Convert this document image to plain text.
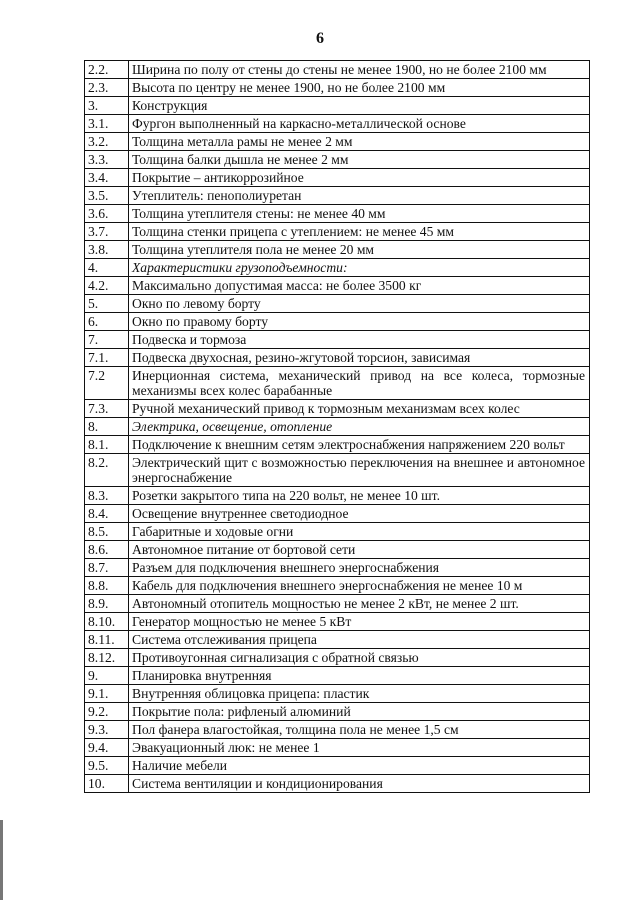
6
2.2.	Ширина по полу от стены до стены не менее 1900, но не более 2100 мм
2.3.	Высота по центру не менее 1900, но не более 2100 мм
3.	Конструкция
3.1.	Фургон выполненный на каркасно-металлической основе
3.2.	Толщина металла рамы не менее 2 мм
3.3.	Толщина балки дышла не менее 2 мм
3.4.	Покрытие – антикоррозийное
3.5.	Утеплитель: пенополиуретан
3.6.	Толщина утеплителя стены: не менее 40 мм
3.7.	Толщина стенки прицепа с утеплением: не менее 45 мм
3.8.	Толщина утеплителя пола не менее 20 мм
4.	Характеристики грузоподъемности:
4.2.	Максимально допустимая масса: не более 3500 кг
5.	Окно по левому борту
6.	Окно по правому борту
7.	Подвеска и тормоза
7.1.	Подвеска двухосная, резино-жгутовой торсион, зависимая
7.2	Инерционная система, механический привод на все колеса, тормозные механизмы всех колес барабанные
7.3.	Ручной механический привод к тормозным механизмам всех колес
8.	Электрика, освещение, отопление
8.1.	Подключение к внешним сетям электроснабжения напряжением 220 вольт
8.2.	Электрический щит с возможностью переключения на внешнее и автономное энергоснабжение
8.3.	Розетки закрытого типа на 220 вольт, не менее 10 шт.
8.4.	Освещение внутреннее светодиодное
8.5.	Габаритные и ходовые огни
8.6.	Автономное питание от бортовой сети
8.7.	Разъем для подключения внешнего энергоснабжения
8.8.	Кабель для подключения внешнего энергоснабжения не менее 10 м
8.9.	Автономный отопитель мощностью не менее 2 кВт, не менее 2 шт.
8.10.	Генератор мощностью не менее 5 кВт
8.11.	Система отслеживания прицепа
8.12.	Противоугонная сигнализация с обратной связью
9.	Планировка внутренняя
9.1.	Внутренняя облицовка прицепа: пластик
9.2.	Покрытие пола: рифленый алюминий
9.3.	Пол фанера влагостойкая, толщина пола не менее 1,5 см
9.4.	Эвакуационный люк: не менее 1
9.5.	Наличие мебели
10.	Система вентиляции и кондиционирования
